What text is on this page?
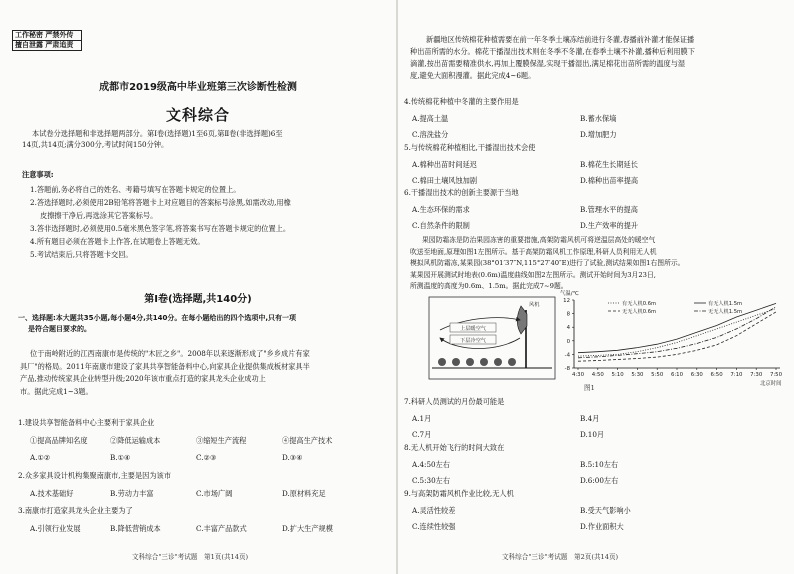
工作秘密 严禁外传
擅自泄露 严肃追责
成都市2019级高中毕业班第三次诊断性检测
文科综合
本试卷分选择题和非选择题两部分。第Ⅰ卷(选择题)1至6页,第Ⅱ卷(非选择题)6至
14页,共14页;满分300分,考试时间150分钟。
注意事项:
1.答题前,务必将自己的姓名、考籍号填写在答题卡规定的位置上。
2.答选择题时,必须使用2B铅笔将答题卡上对应题目的答案标号涂黑,如需改动,用橡
皮擦擦干净后,再选涂其它答案标号。
3.答非选择题时,必须使用0.5毫米黑色签字笔,将答案书写在答题卡规定的位置上。
4.所有题目必须在答题卡上作答,在试题卷上答题无效。
5.考试结束后,只将答题卡交回。
第Ⅰ卷(选择题,共140分)
一、选择题:本大题共35小题,每小题4分,共140分。在每小题给出的四个选项中,只有一项
是符合题目要求的。
位于南岭附近的江西南康市是传统的"木匠之乡"。2008年以来逐渐形成了"乡乡成片有家
具厂"的格局。2011年南康市建设了家具共享智能备料中心,向家具企业提供集成板材家具半
产品,推动传统家具企业转型升级;2020年该市重点打造的家具龙头企业成功上
市。据此完成1~3题。
1.建设共享智能备料中心主要利于家具企业
①提高品牌知名度	②降低运输成本	③缩短生产流程	④提高生产技术
A.①②	B.①④	C.②③	D.③④
2.众多家具设计机构集聚南康市,主要是因为该市
A.技术基础好	B.劳动力丰富	C.市场广阔	D.原材料充足
3.南康市打造家具龙头企业主要为了
A.引领行业发展	B.降低营销成本	C.丰富产品款式	D.扩大生产规模
文科综合"三诊"考试题　第1页(共14页)
新疆地区传统棉花种植需要在前一年冬季土壤冻结前进行冬灌,春播前补灌才能保证播
种出苗所需的水分。棉花干播湿出技术则在冬季不冬灌,在春季土壤不补灌,播种后利用膜下
滴灌,按出苗需要精准供水,再加上覆膜保湿,实现干播湿出,满足棉花出苗所需的温度与湿
度,避免大面积漫灌。据此完成4~6题。
4.传统棉花种植中冬灌的主要作用是
A.提高土温	B.蓄水保墒
C.溶洗盐分	D.增加肥力
5.与传统棉花种植相比,干播湿出技术会使
A.棉种出苗时间延迟	B.棉花生长期延长
C.棉田土壤风蚀加剧	D.棉种出苗率提高
6.干播湿出技术的创新主要源于当地
A.生态环保的需求	B.管理水平的提高
C.自然条件的限制	D.生产效率的提升
果园防霜冻是防治果园冻害的重要措施,高架防霜风机可将逆温层高处的暖空气
吹送至地面,原理如图1左图所示。基于高架防霜风机工作原理,科研人员利用无人机
模拟风机防霜冻,某果园(38°01′37″N,115°27′40″E)进行了试验,测试结果如图1右图所示。
某果园开展测试时地表(0.6m)温度曲线如图2左图所示。测试开始时间为3月23日,
所测温度的高度为0.6m、1.5m。据此完成7~9题。
风机
上层暖空气
下层冷空气
气温/℃
北京时间
12
8
4
0
-4
-8
4:30 4:50 5:10 5:30 5:50 6:10 6:30 6:50 7:10 7:30 7:50
有无人机0.6m	有无人机1.5m
无无人机0.6m	无无人机1.5m
图1
7.科研人员测试的月份最可能是
A.1月	B.4月
C.7月	D.10月
8.无人机开始飞行的时间大致在
A.4:50左右	B.5:10左右
C.5:30左右	D.6:00左右
9.与高架防霜风机作业比较,无人机
A.灵活性较差	B.受天气影响小
C.连续性较强	D.作业面积大
文科综合"三诊"考试题　第2页(共14页)
